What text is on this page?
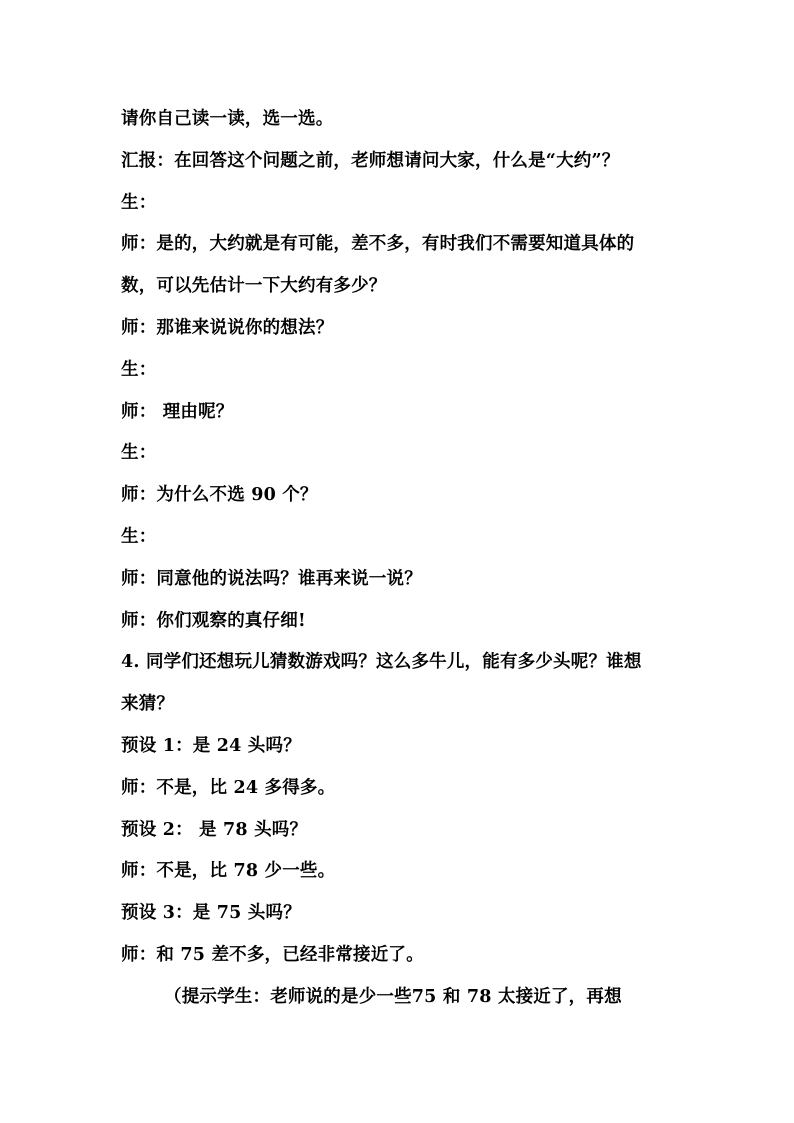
请你自己读一读，选一选。
汇报：在回答这个问题之前，老师想请问大家，什么是“大约”？
生：
师：是的，大约就是有可能，差不多，有时我们不需要知道具体的
数，可以先估计一下大约有多少？
师：那谁来说说你的想法？
生：
师： 理由呢？
生：
师：为什么不选 90 个？
生：
师：同意他的说法吗？谁再来说一说？
师：你们观察的真仔细!
4. 同学们还想玩儿猜数游戏吗？这么多牛儿，能有多少头呢？谁想
来猜？
预设 1：是 24 头吗？
师：不是，比 24 多得多。
预设 2： 是 78 头吗？
师：不是，比 78 少一些。
预设 3：是 75 头吗？
师：和 75 差不多，已经非常接近了。
（提示学生：老师说的是少一些75 和 78 太接近了，再想
